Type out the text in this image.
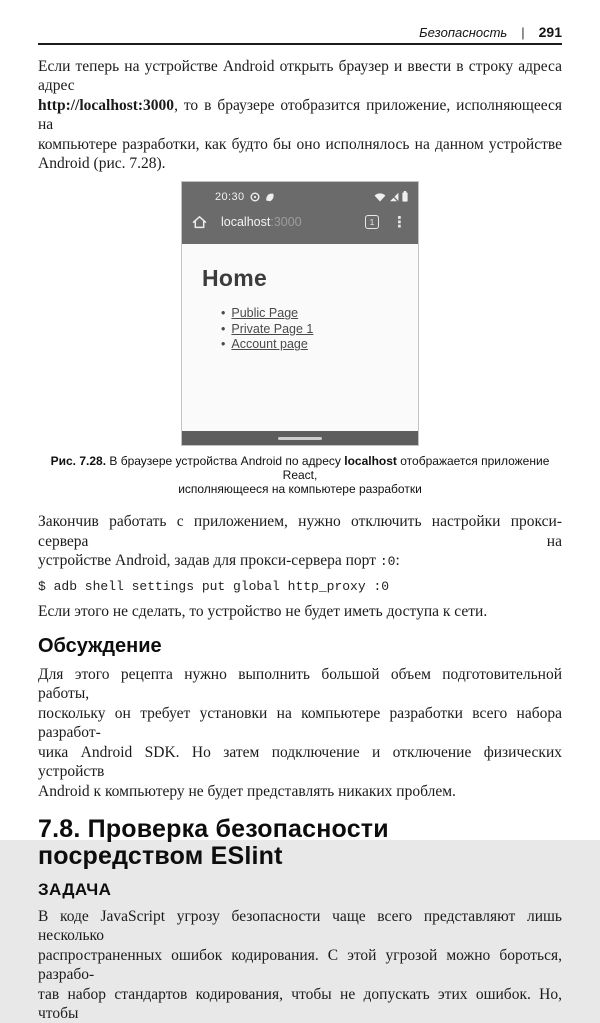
Безопасность | 291
Если теперь на устройстве Android открыть браузер и ввести в строку адреса адрес
http://localhost:3000, то в браузере отобразится приложение, исполняющееся на
компьютере разработки, как будто бы оно исполнялось на данном устройстве
Android (рис. 7.28).
20:30
localhost:3000	1	⋮
Home
• Public Page
• Private Page 1
• Account page
Рис. 7.28. В браузере устройства Android по адресу localhost отображается приложение React,
исполняющееся на компьютере разработки
Закончив работать с приложением, нужно отключить настройки прокси-сервера на
устройстве Android, задав для прокси-сервера порт :0:
$ adb shell settings put global http_proxy :0
Если этого не сделать, то устройство не будет иметь доступа к сети.
Обсуждение
Для этого рецепта нужно выполнить большой объем подготовительной работы,
поскольку он требует установки на компьютере разработки всего набора разработ-
чика Android SDK. Но затем подключение и отключение физических устройств
Android к компьютеру не будет представлять никаких проблем.
7.8. Проверка безопасности
посредством ESlint
ЗАДАЧА
В коде JavaScript угрозу безопасности чаще всего представляют лишь несколько
распространенных ошибок кодирования. С этой угрозой можно бороться, разрабо-
тав набор стандартов кодирования, чтобы не допускать этих ошибок. Но, чтобы
